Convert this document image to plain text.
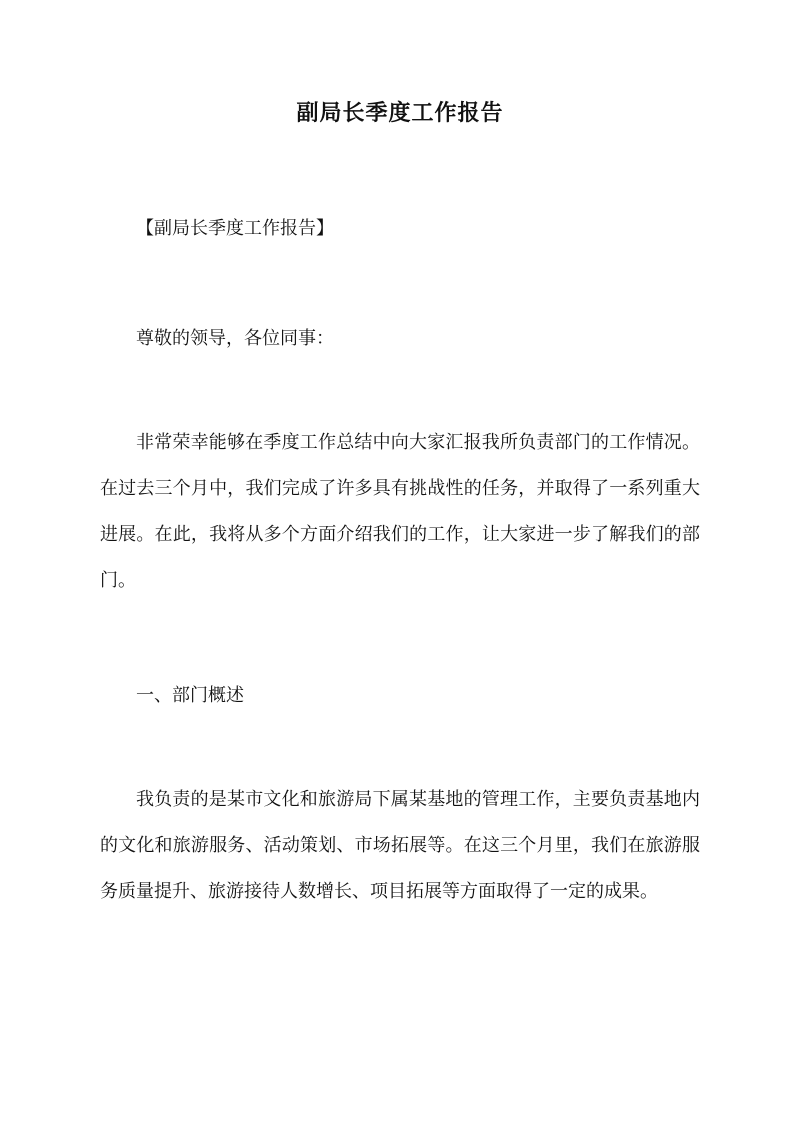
副局长季度工作报告
【副局长季度工作报告】
尊敬的领导，各位同事：
非常荣幸能够在季度工作总结中向大家汇报我所负责部门的工作情况。在过去三个月中，我们完成了许多具有挑战性的任务，并取得了一系列重大进展。在此，我将从多个方面介绍我们的工作，让大家进一步了解我们的部门。
一、部门概述
我负责的是某市文化和旅游局下属某基地的管理工作，主要负责基地内的文化和旅游服务、活动策划、市场拓展等。在这三个月里，我们在旅游服务质量提升、旅游接待人数增长、项目拓展等方面取得了一定的成果。
